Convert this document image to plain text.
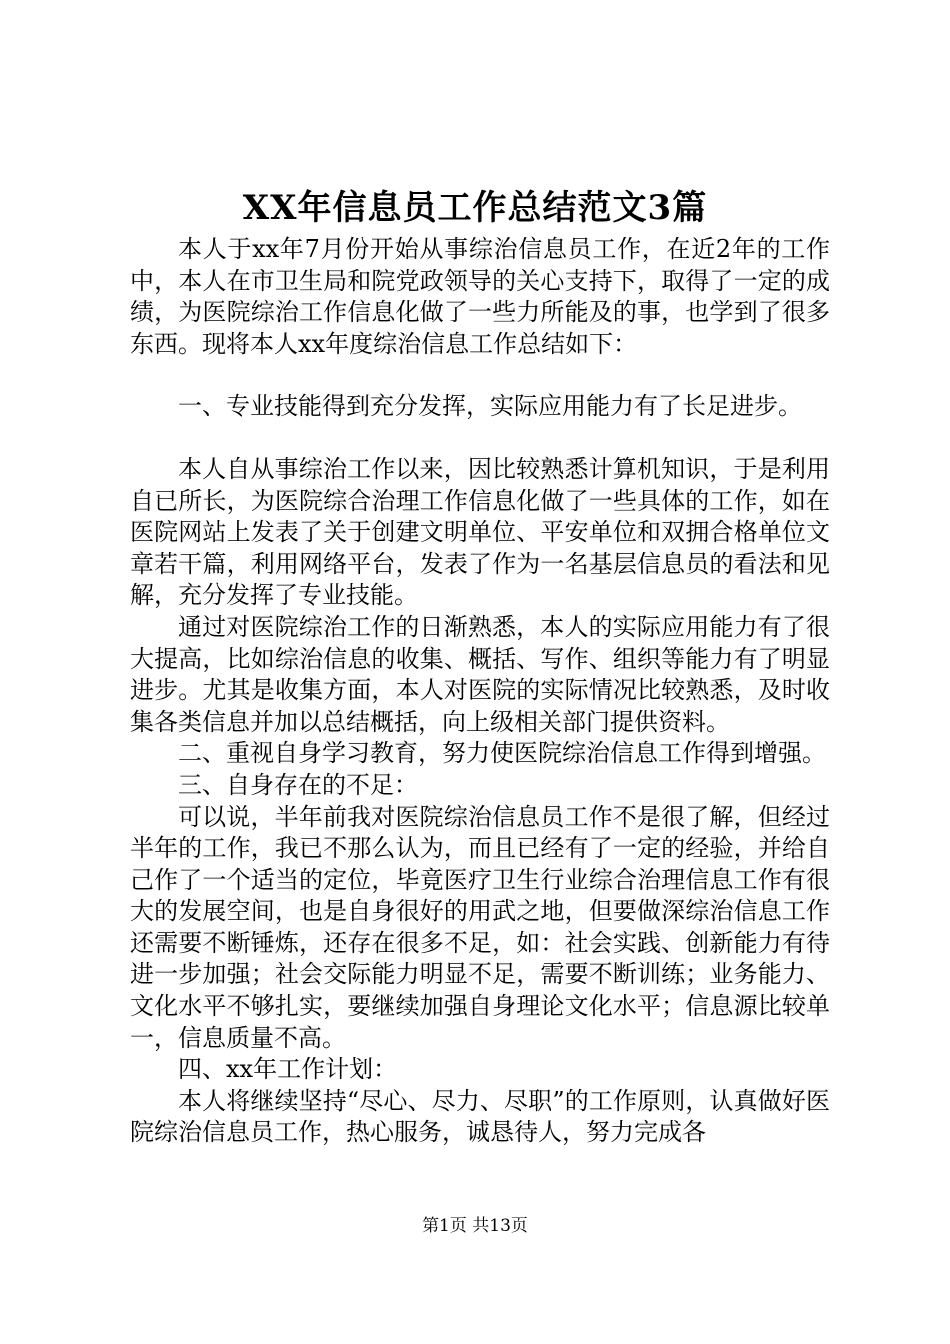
XX年信息员工作总结范文3篇

本人于xx年7月份开始从事综治信息员工作，在近2年的工作中，本人在市卫生局和院党政领导的关心支持下，取得了一定的成绩，为医院综治工作信息化做了一些力所能及的事，也学到了很多东西。现将本人xx年度综治信息工作总结如下：

一、专业技能得到充分发挥，实际应用能力有了长足进步。

本人自从事综治工作以来，因比较熟悉计算机知识，于是利用自已所长，为医院综合治理工作信息化做了一些具体的工作，如在医院网站上发表了关于创建文明单位、平安单位和双拥合格单位文章若干篇，利用网络平台，发表了作为一名基层信息员的看法和见解，充分发挥了专业技能。

通过对医院综治工作的日渐熟悉，本人的实际应用能力有了很大提高，比如综治信息的收集、概括、写作、组织等能力有了明显进步。尤其是收集方面，本人对医院的实际情况比较熟悉，及时收集各类信息并加以总结概括，向上级相关部门提供资料。

二、重视自身学习教育，努力使医院综治信息工作得到增强。

三、自身存在的不足：

可以说，半年前我对医院综治信息员工作不是很了解，但经过半年的工作，我已不那么认为，而且已经有了一定的经验，并给自己作了一个适当的定位，毕竟医疗卫生行业综合治理信息工作有很大的发展空间，也是自身很好的用武之地，但要做深综治信息工作还需要不断锤炼，还存在很多不足，如：社会实践、创新能力有待进一步加强；社会交际能力明显不足，需要不断训练；业务能力、文化水平不够扎实，要继续加强自身理论文化水平；信息源比较单一，信息质量不高。

四、xx年工作计划：

本人将继续坚持“尽心、尽力、尽职”的工作原则，认真做好医院综治信息员工作，热心服务，诚恳待人，努力完成各

第1页 共13页
